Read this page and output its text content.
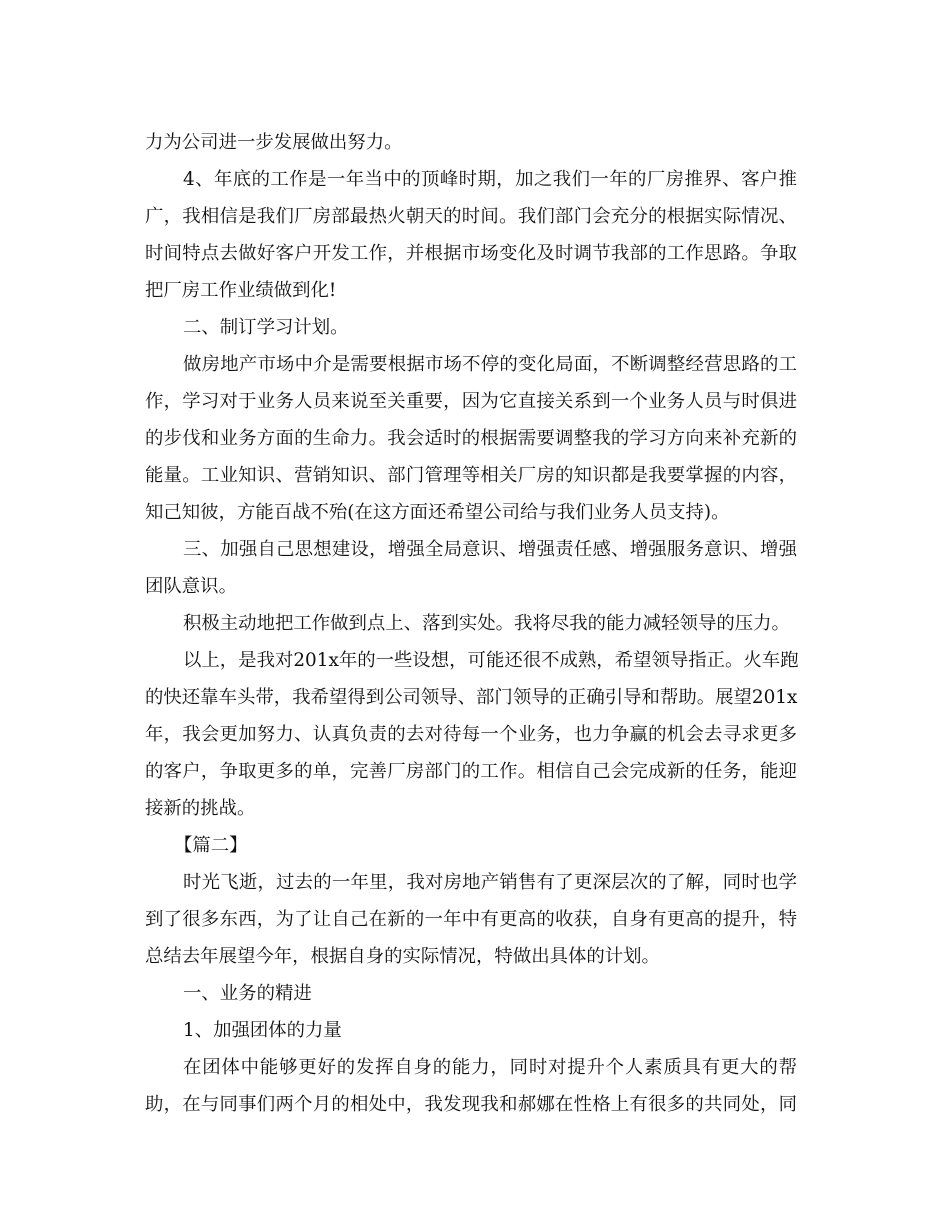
力为公司进一步发展做出努力。
4、年底的工作是一年当中的顶峰时期，加之我们一年的厂房推界、客户推
广，我相信是我们厂房部最热火朝天的时间。我们部门会充分的根据实际情况、
时间特点去做好客户开发工作，并根据市场变化及时调节我部的工作思路。争取
把厂房工作业绩做到化!
二、制订学习计划。
做房地产市场中介是需要根据市场不停的变化局面，不断调整经营思路的工
作，学习对于业务人员来说至关重要，因为它直接关系到一个业务人员与时俱进
的步伐和业务方面的生命力。我会适时的根据需要调整我的学习方向来补充新的
能量。工业知识、营销知识、部门管理等相关厂房的知识都是我要掌握的内容，
知己知彼，方能百战不殆(在这方面还希望公司给与我们业务人员支持)。
三、加强自己思想建设，增强全局意识、增强责任感、增强服务意识、增强
团队意识。
积极主动地把工作做到点上、落到实处。我将尽我的能力减轻领导的压力。
以上，是我对201x年的一些设想，可能还很不成熟，希望领导指正。火车跑
的快还靠车头带，我希望得到公司领导、部门领导的正确引导和帮助。展望201x
年，我会更加努力、认真负责的去对待每一个业务，也力争赢的机会去寻求更多
的客户，争取更多的单，完善厂房部门的工作。相信自己会完成新的任务，能迎
接新的挑战。
【篇二】
时光飞逝，过去的一年里，我对房地产销售有了更深层次的了解，同时也学
到了很多东西，为了让自己在新的一年中有更高的收获，自身有更高的提升，特
总结去年展望今年，根据自身的实际情况，特做出具体的计划。
一、业务的精进
1、加强团体的力量
在团体中能够更好的发挥自身的能力，同时对提升个人素质具有更大的帮
助，在与同事们两个月的相处中，我发现我和郝娜在性格上有很多的共同处，同
